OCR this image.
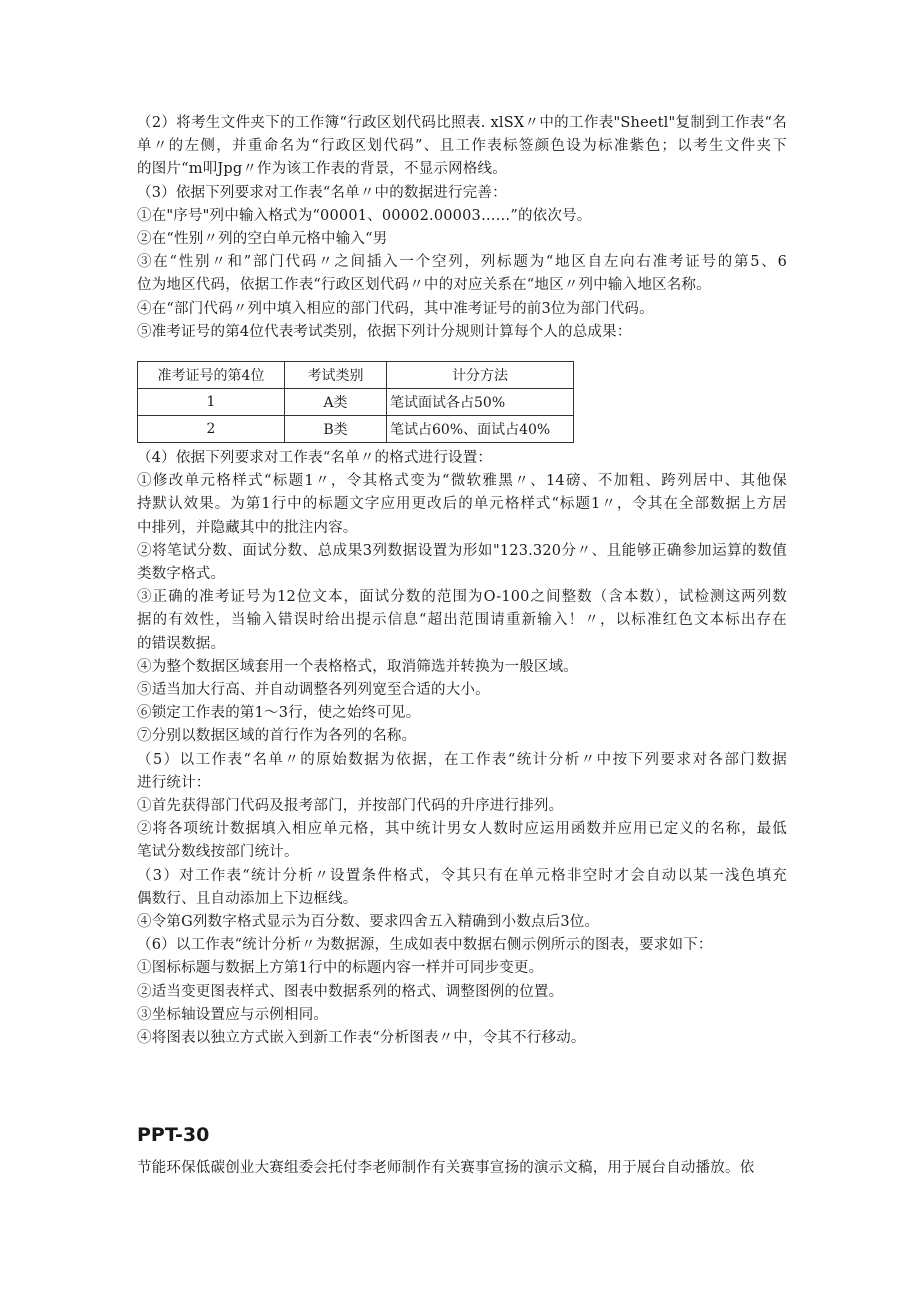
（2）将考生文件夹下的工作簿“行政区划代码比照表. xlSX〃中的工作表"Sheetl"复制到工作表“名
单〃的左侧，并重命名为“行政区划代码”、且工作表标签颜色设为标准紫色；以考生文件夹下
的图片“m叩Jpg〃作为该工作表的背景，不显示网格线。
（3）依据下列要求对工作表“名单〃中的数据进行完善：
①在"序号"列中输入格式为“00001、00002.00003……”的依次号。
②在“性别〃列的空白单元格中输入“男
③在“性别〃和”部门代码〃之间插入一个空列，列标题为“地区自左向右准考证号的第5、6
位为地区代码，依据工作表“行政区划代码〃中的对应关系在“地区〃列中输入地区名称。
④在“部门代码〃列中填入相应的部门代码，其中准考证号的前3位为部门代码。
⑤准考证号的第4位代表考试类别，依据下列计分规则计算每个人的总成果：
准考证号的第4位	考试类别	计分方法
1	A类	笔试面试各占50%
2	B类	笔试占60%、面试占40%
（4）依据下列要求对工作表“名单〃的格式进行设置：
①修改单元格样式“标题1〃，令其格式变为“微软雅黑〃、14磅、不加粗、跨列居中、其他保
持默认效果。为第1行中的标题文字应用更改后的单元格样式“标题1〃，令其在全部数据上方居
中排列，并隐藏其中的批注内容。
②将笔试分数、面试分数、总成果3列数据设置为形如"123.320分〃、且能够正确参加运算的数值
类数字格式。
③正确的准考证号为12位文本，面试分数的范围为O-100之间整数（含本数），试检测这两列数
据的有效性，当输入错误时给出提示信息“超出范围请重新输入！〃，以标准红色文本标出存在
的错误数据。
④为整个数据区域套用一个表格格式，取消筛选并转换为一般区域。
⑤适当加大行高、并自动调整各列列宽至合适的大小。
⑥锁定工作表的第1〜3行，使之始终可见。
⑦分别以数据区域的首行作为各列的名称。
（5）以工作表“名单〃的原始数据为依据，在工作表“统计分析〃中按下列要求对各部门数据
进行统计：
①首先获得部门代码及报考部门，并按部门代码的升序进行排列。
②将各项统计数据填入相应单元格，其中统计男女人数时应运用函数并应用已定义的名称，最低
笔试分数线按部门统计。
（3）对工作表“统计分析〃设置条件格式，令其只有在单元格非空时才会自动以某一浅色填充
偶数行、且自动添加上下边框线。
④令第G列数字格式显示为百分数、要求四舍五入精确到小数点后3位。
（6）以工作表“统计分析〃为数据源，生成如表中数据右侧示例所示的图表，要求如下：
①图标标题与数据上方第1行中的标题内容一样并可同步变更。
②适当变更图表样式、图表中数据系列的格式、调整图例的位置。
③坐标轴设置应与示例相同。
④将图表以独立方式嵌入到新工作表“分析图表〃中，令其不行移动。
PPT-30
节能环保低碳创业大赛组委会托付李老师制作有关赛事宣扬的演示文稿，用于展台自动播放。依
